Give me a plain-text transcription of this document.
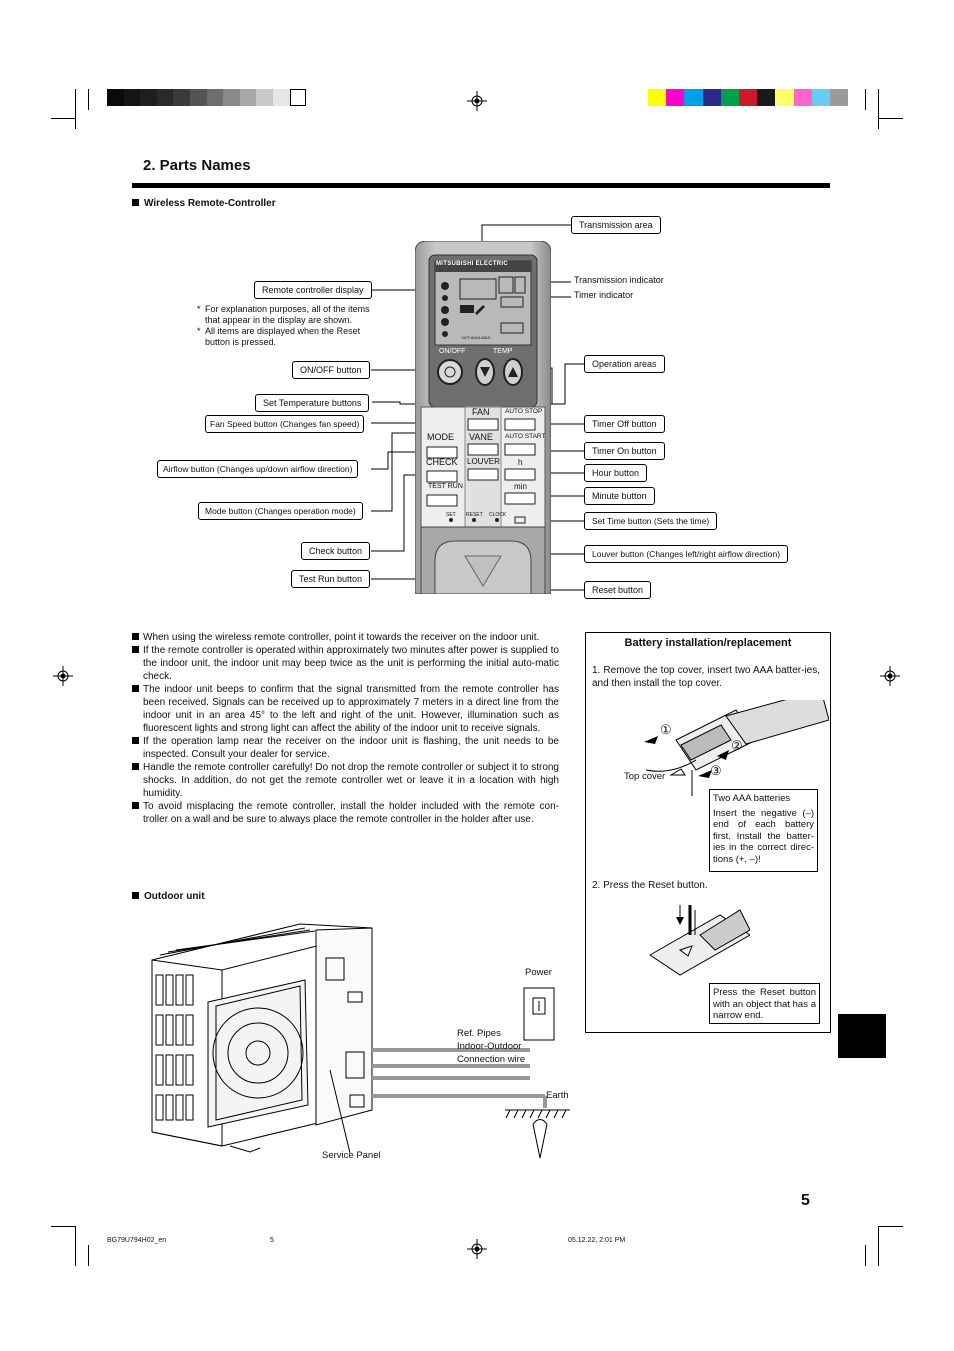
2. Parts Names
Wireless Remote-Controller
MITSUBISHI ELECTRIC
NOT AVAILABLE
ON/OFF	TEMP
FAN
MODE VANE
CHECK LOUVER
TEST RUN
AUTO STOP
AUTO START
h
min
SET RESET CLOCK
Transmission area
Remote controller display
Transmission indicator
Timer indicator
* For explanation purposes, all of the items that appear in the display are shown.
* All items are displayed when the Reset button is pressed.
ON/OFF button
Operation areas
Set Temperature buttons
Fan Speed button (Changes fan speed)	Timer Off button
Timer On button
Airflow button (Changes up/down airflow direction)	Hour button
Minute button
Mode button (Changes operation mode)
Set Time button (Sets the time)
Check button	Louver button (Changes left/right airflow direction)
Test Run button
Reset button

When using the wireless remote controller, point it towards the receiver on the indoor unit.

If the remote controller is operated within approximately two minutes after power is supplied to the indoor unit, the indoor unit may beep twice as the unit is performing the initial auto-matic check.

The indoor unit beeps to confirm that the signal transmitted from the remote controller has been received. Signals can be received up to approximately 7 meters in a direct line from the indoor unit in an area 45° to the left and right of the unit. However, illumination such as fluorescent lights and strong light can affect the ability of the indoor unit to receive signals.

If the operation lamp near the receiver on the indoor unit is flashing, the unit needs to be inspected. Consult your dealer for service.

Handle the remote controller carefully! Do not drop the remote controller or subject it to strong shocks. In addition, do not get the remote controller wet or leave it in a location with high humidity.

To avoid misplacing the remote controller, install the holder included with the remote con-troller on a wall and be sure to always place the remote controller in the holder after use.

Battery installation/replacement
1. Remove the top cover, insert two AAA batter-ies, and then install the top cover.
Top cover
2. Press the Reset button.
①
②
③
Two AAA batteries
Insert the negative (–) end of each battery first. Install the batter-ies in the correct direc-tions (+, –)!
Press the Reset button with an object that has a narrow end.
Outdoor unit
Power
Ref. Pipes
Indoor-Outdoor
Connection wire
Earth
Service Panel
5
BG79U794H02_en	5	05.12.22, 2:01 PM
